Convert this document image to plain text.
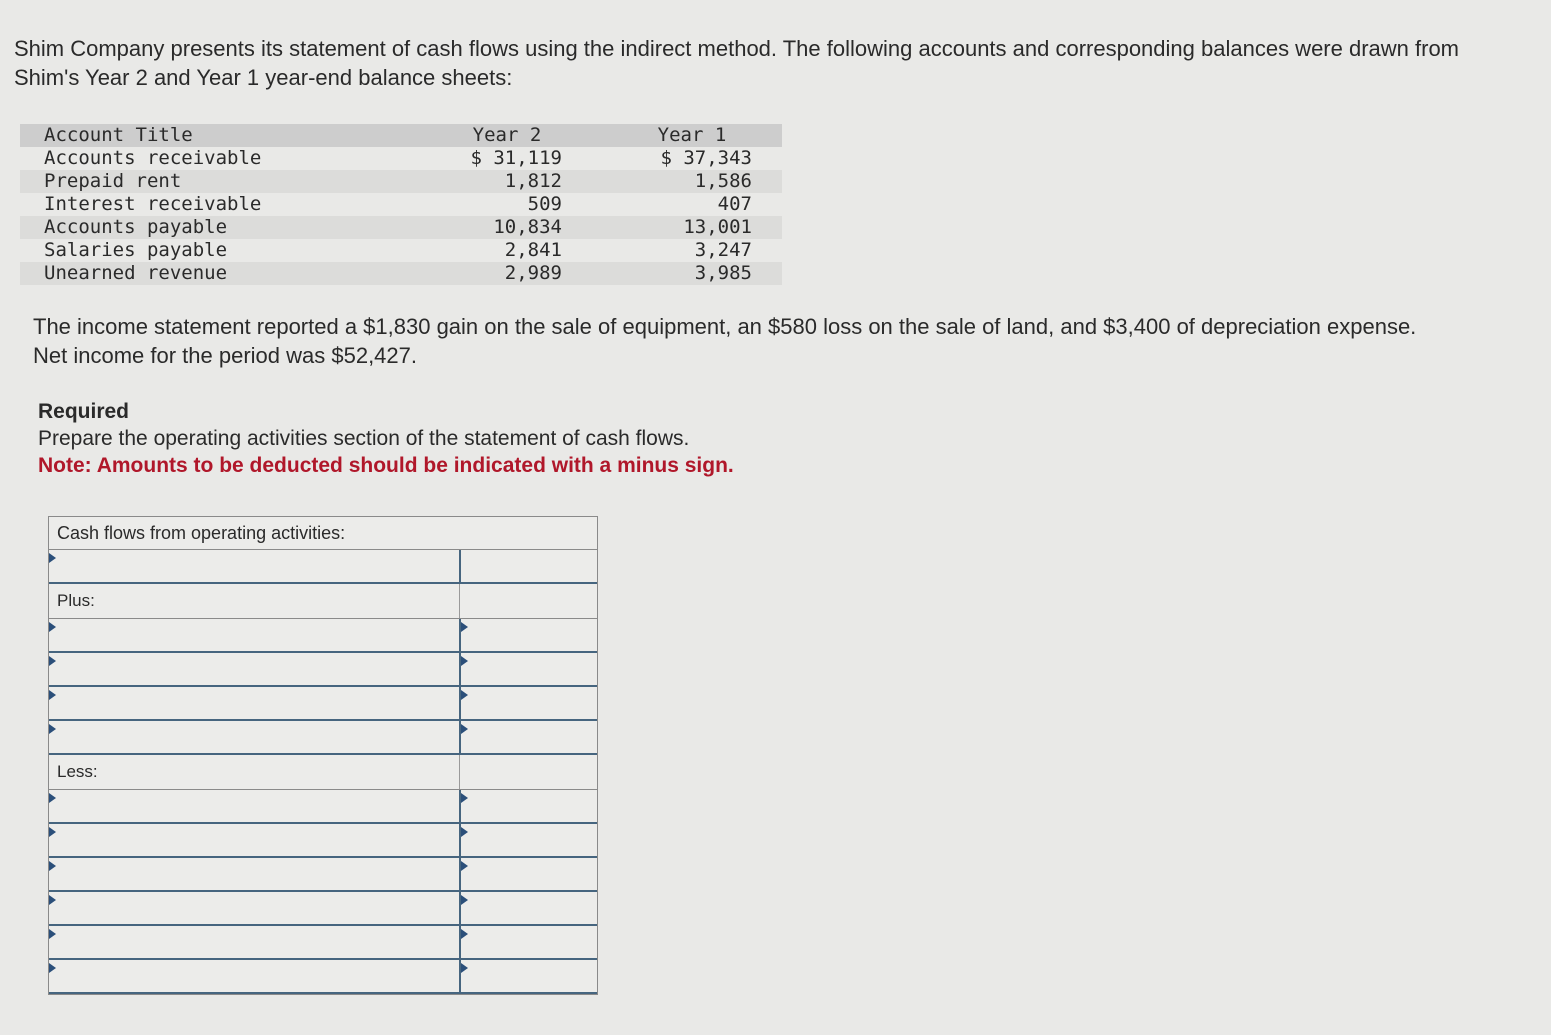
Shim Company presents its statement of cash flows using the indirect method. The following accounts and corresponding balances were drawn from Shim's Year 2 and Year 1 year-end balance sheets:

Account Title	Year 2		Year 1
Accounts receivable	$ 31,119		$ 37,343
Prepaid rent	1,812		1,586
Interest receivable	509		407
Accounts payable	10,834		13,001
Salaries payable	2,841		3,247
Unearned revenue	2,989		3,985

The income statement reported a $1,830 gain on the sale of equipment, an $580 loss on the sale of land, and $3,400 of depreciation expense. Net income for the period was $52,427.

Required
Prepare the operating activities section of the statement of cash flows.
Note: Amounts to be deducted should be indicated with a minus sign.
Cash flows from operating activities:
Plus:
Less:
